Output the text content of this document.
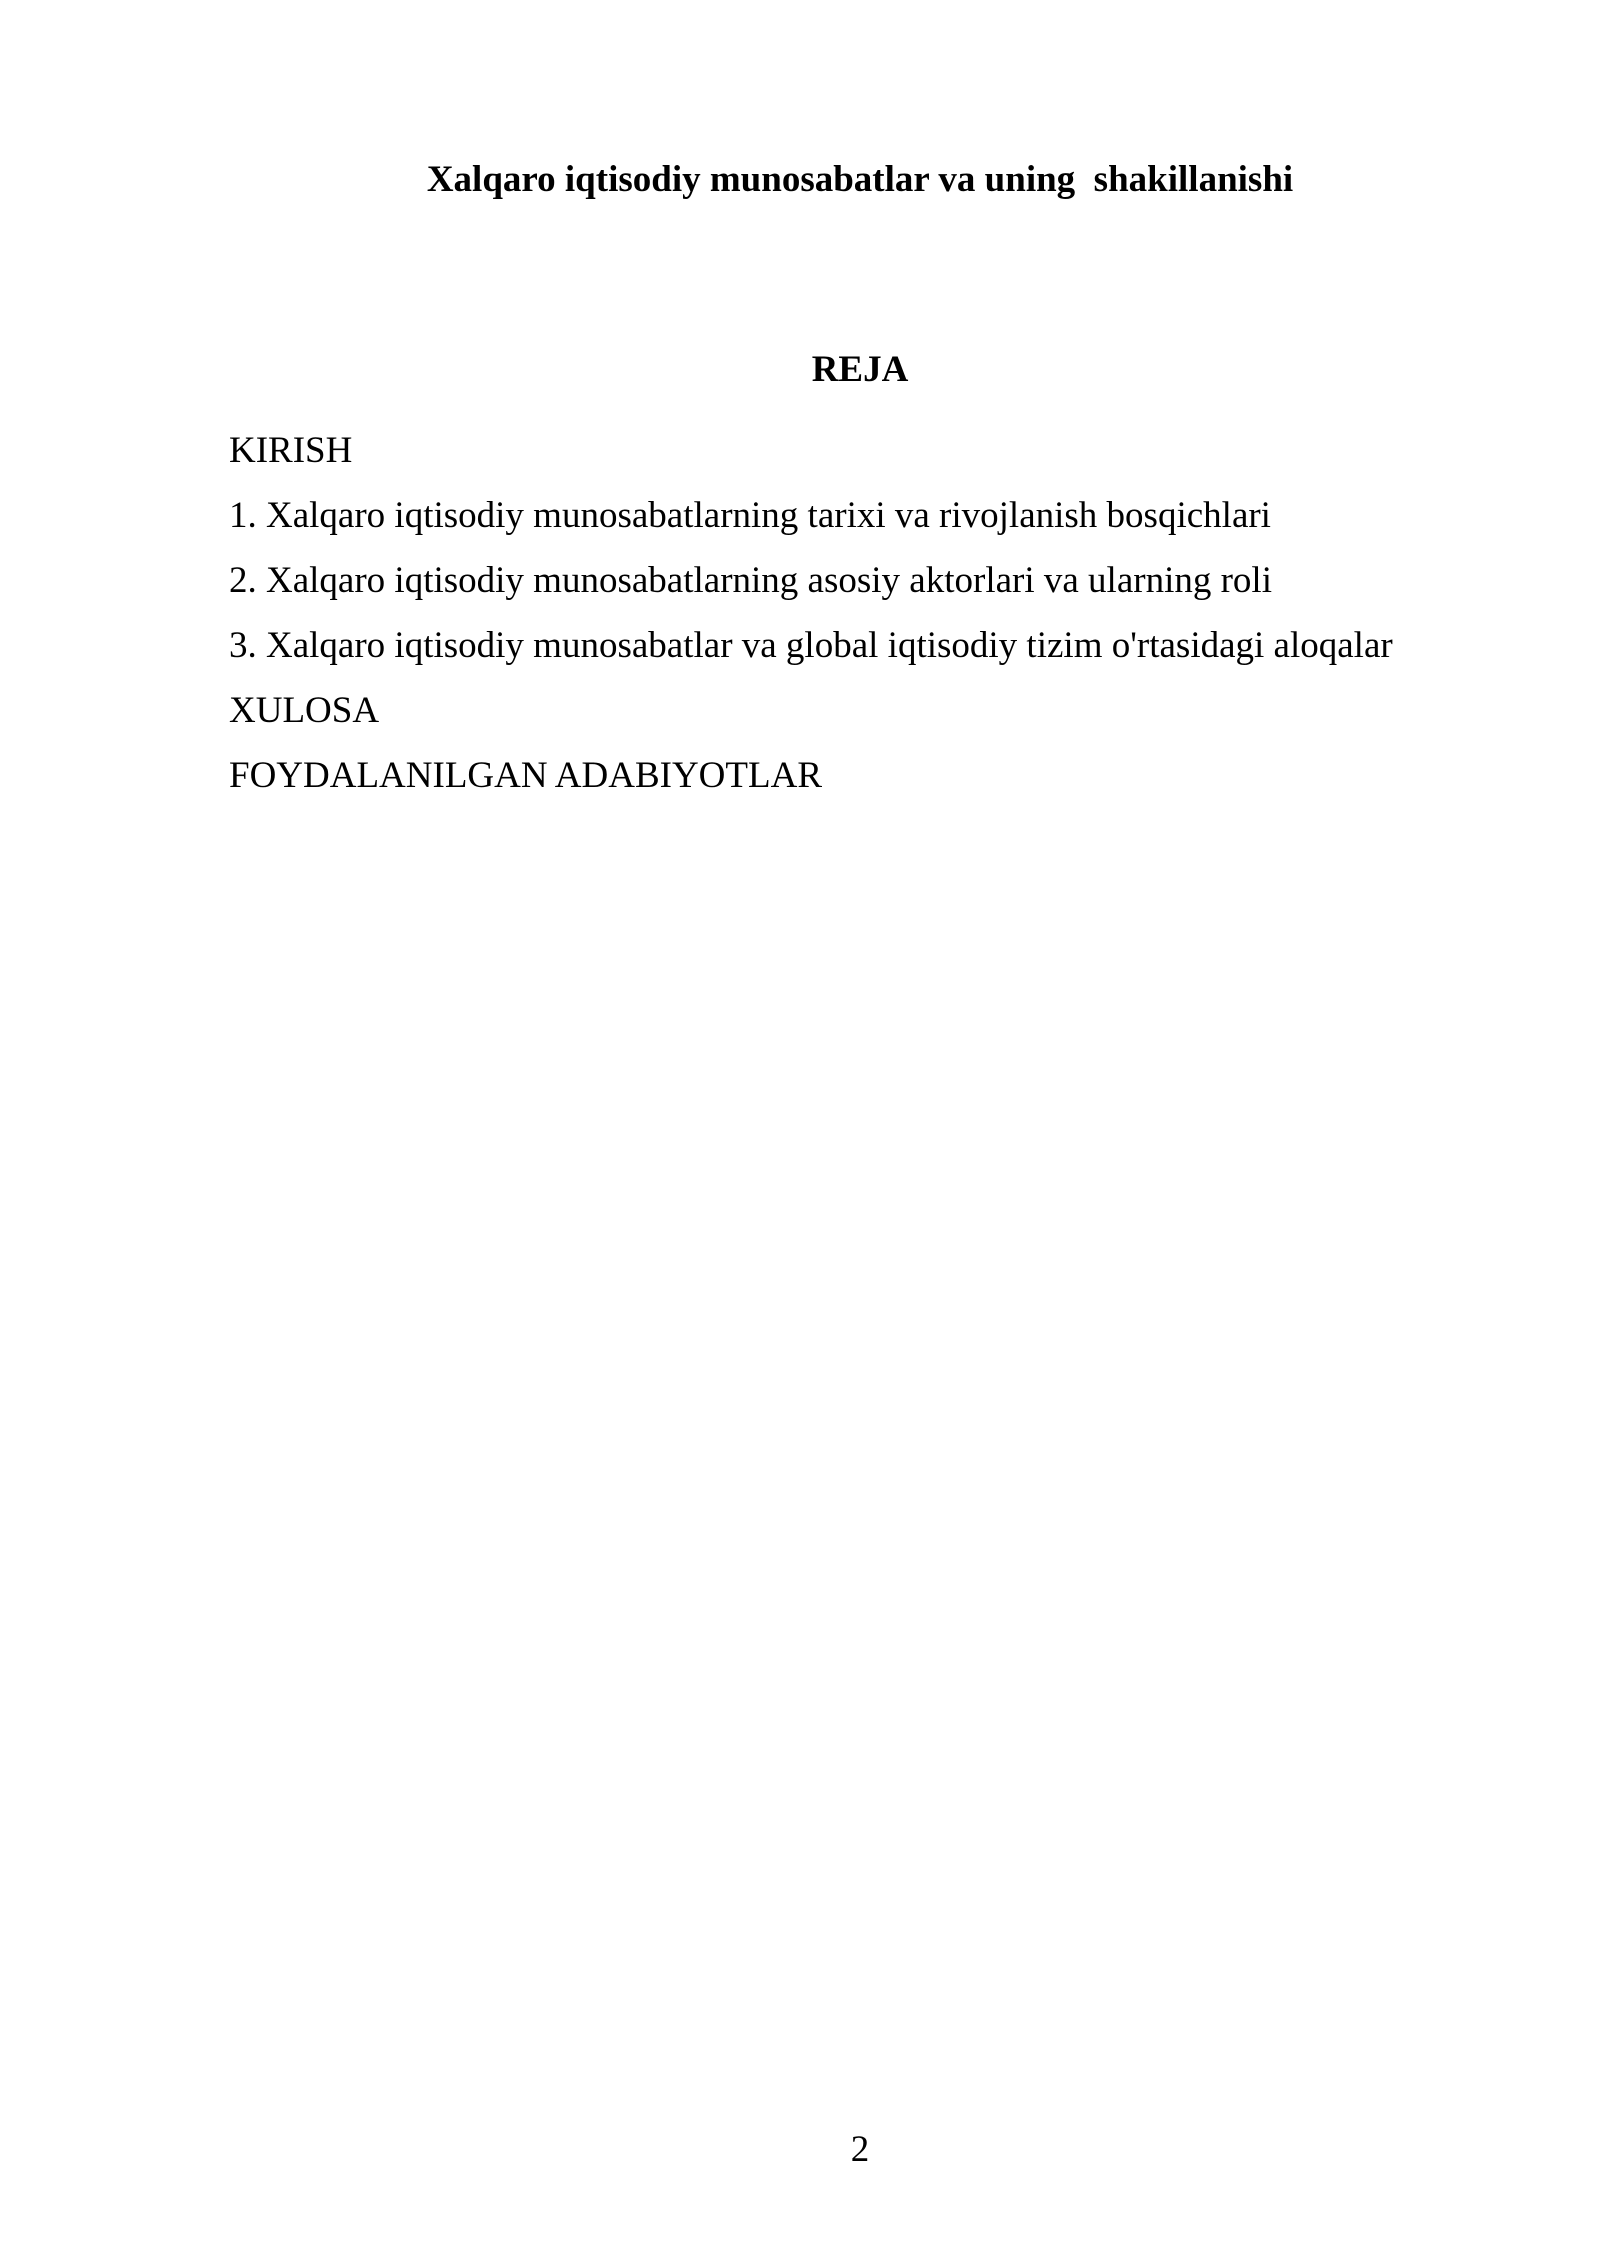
Xalqaro iqtisodiy munosabatlar va uning  shakillanishi
REJA
KIRISH
1. Xalqaro iqtisodiy munosabatlarning tarixi va rivojlanish bosqichlari
2. Xalqaro iqtisodiy munosabatlarning asosiy aktorlari va ularning roli
3. Xalqaro iqtisodiy munosabatlar va global iqtisodiy tizim o'rtasidagi aloqalar
XULOSA
FOYDALANILGAN ADABIYOTLAR

2
